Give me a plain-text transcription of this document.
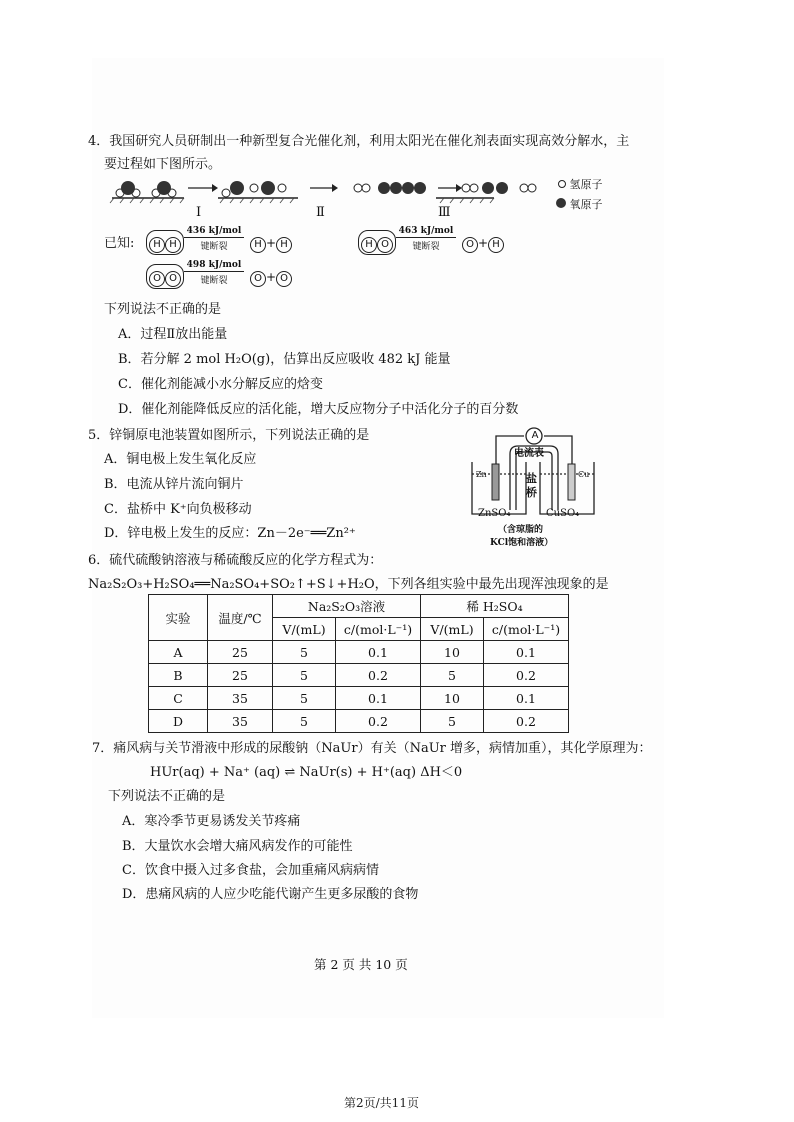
4．我国研究人员研制出一种新型复合光催化剂，利用太阳光在催化剂表面实现高效分解水，主
要过程如下图所示。
Ⅰ	Ⅱ	Ⅲ
氢原子
氧原子
已知:	H H
436 kJ/mol
键断裂	H + H	H O
463 kJ/mol
键断裂	O + H
O O
498 kJ/mol
键断裂	O + O
下列说法不正确的是
A．过程Ⅱ放出能量
B．若分解 2 mol H₂O(g)，估算出反应吸收 482 kJ 能量
C．催化剂能减小水分解反应的焓变
D．催化剂能降低反应的活化能，增大反应物分子中活化分子的百分数
5．锌铜原电池装置如图所示，下列说法正确的是
A．铜电极上发生氧化反应
B．电流从锌片流向铜片
C．盐桥中 K⁺向负极移动
D．锌电极上发生的反应：Zn－2e⁻══Zn²⁺
A
电流表
Zn	Cu
盐
桥
ZnSO₄	CuSO₄
（含琼脂的
KCl饱和溶液）
6．硫代硫酸钠溶液与稀硫酸反应的化学方程式为：
Na₂S₂O₃+H₂SO₄══Na₂SO₄+SO₂↑+S↓+H₂O，下列各组实验中最先出现浑浊现象的是
实验	温度/℃	Na₂S₂O₃溶液		稀 H₂SO₄	
		V/(mL)	c/(mol·L⁻¹)	V/(mL)	c/(mol·L⁻¹)
A	25	5	0.1	10	0.1
B	25	5	0.2	5	0.2
C	35	5	0.1	10	0.1
D	35	5	0.2	5	0.2
7．痛风病与关节滑液中形成的尿酸钠（NaUr）有关（NaUr 增多，病情加重），其化学原理为：
HUr(aq) + Na⁺ (aq) ⇌ NaUr(s) + H⁺(aq) ΔH＜0
下列说法不正确的是
A．寒冷季节更易诱发关节疼痛
B．大量饮水会增大痛风病发作的可能性
C．饮食中摄入过多食盐，会加重痛风病病情
D．患痛风病的人应少吃能代谢产生更多尿酸的食物
第 2 页 共 10 页
第2页/共11页
